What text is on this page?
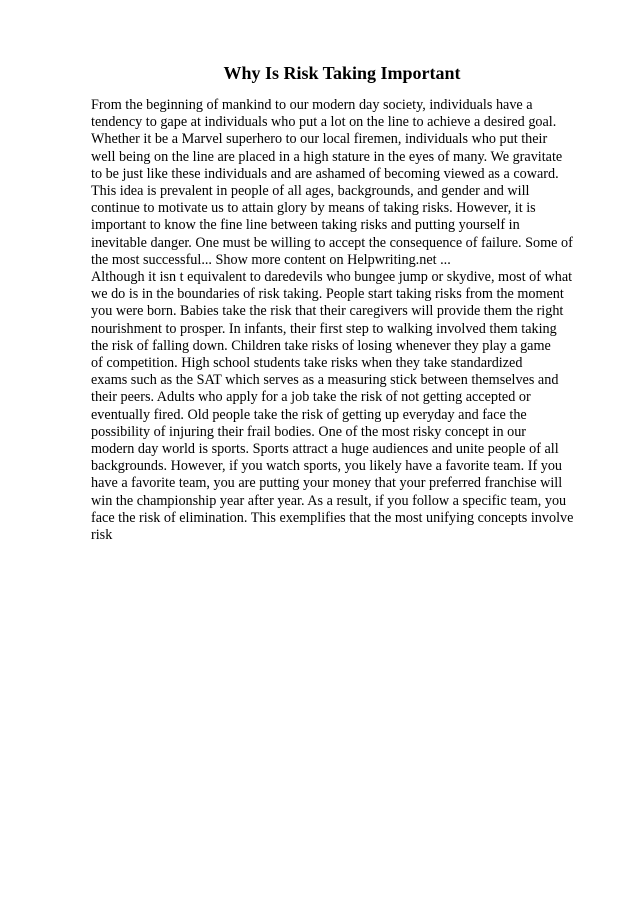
Why Is Risk Taking Important
From the beginning of mankind to our modern day society, individuals have a
tendency to gape at individuals who put a lot on the line to achieve a desired goal.
Whether it be a Marvel superhero to our local firemen, individuals who put their
well being on the line are placed in a high stature in the eyes of many. We gravitate
to be just like these individuals and are ashamed of becoming viewed as a coward.
This idea is prevalent in people of all ages, backgrounds, and gender and will
continue to motivate us to attain glory by means of taking risks. However, it is
important to know the fine line between taking risks and putting yourself in
inevitable danger. One must be willing to accept the consequence of failure. Some of
the most successful... Show more content on Helpwriting.net ...
Although it isn t equivalent to daredevils who bungee jump or skydive, most of what
we do is in the boundaries of risk taking. People start taking risks from the moment
you were born. Babies take the risk that their caregivers will provide them the right
nourishment to prosper. In infants, their first step to walking involved them taking
the risk of falling down. Children take risks of losing whenever they play a game
of competition. High school students take risks when they take standardized
exams such as the SAT which serves as a measuring stick between themselves and
their peers. Adults who apply for a job take the risk of not getting accepted or
eventually fired. Old people take the risk of getting up everyday and face the
possibility of injuring their frail bodies. One of the most risky concept in our
modern day world is sports. Sports attract a huge audiences and unite people of all
backgrounds. However, if you watch sports, you likely have a favorite team. If you
have a favorite team, you are putting your money that your preferred franchise will
win the championship year after year. As a result, if you follow a specific team, you
face the risk of elimination. This exemplifies that the most unifying concepts involve
risk
